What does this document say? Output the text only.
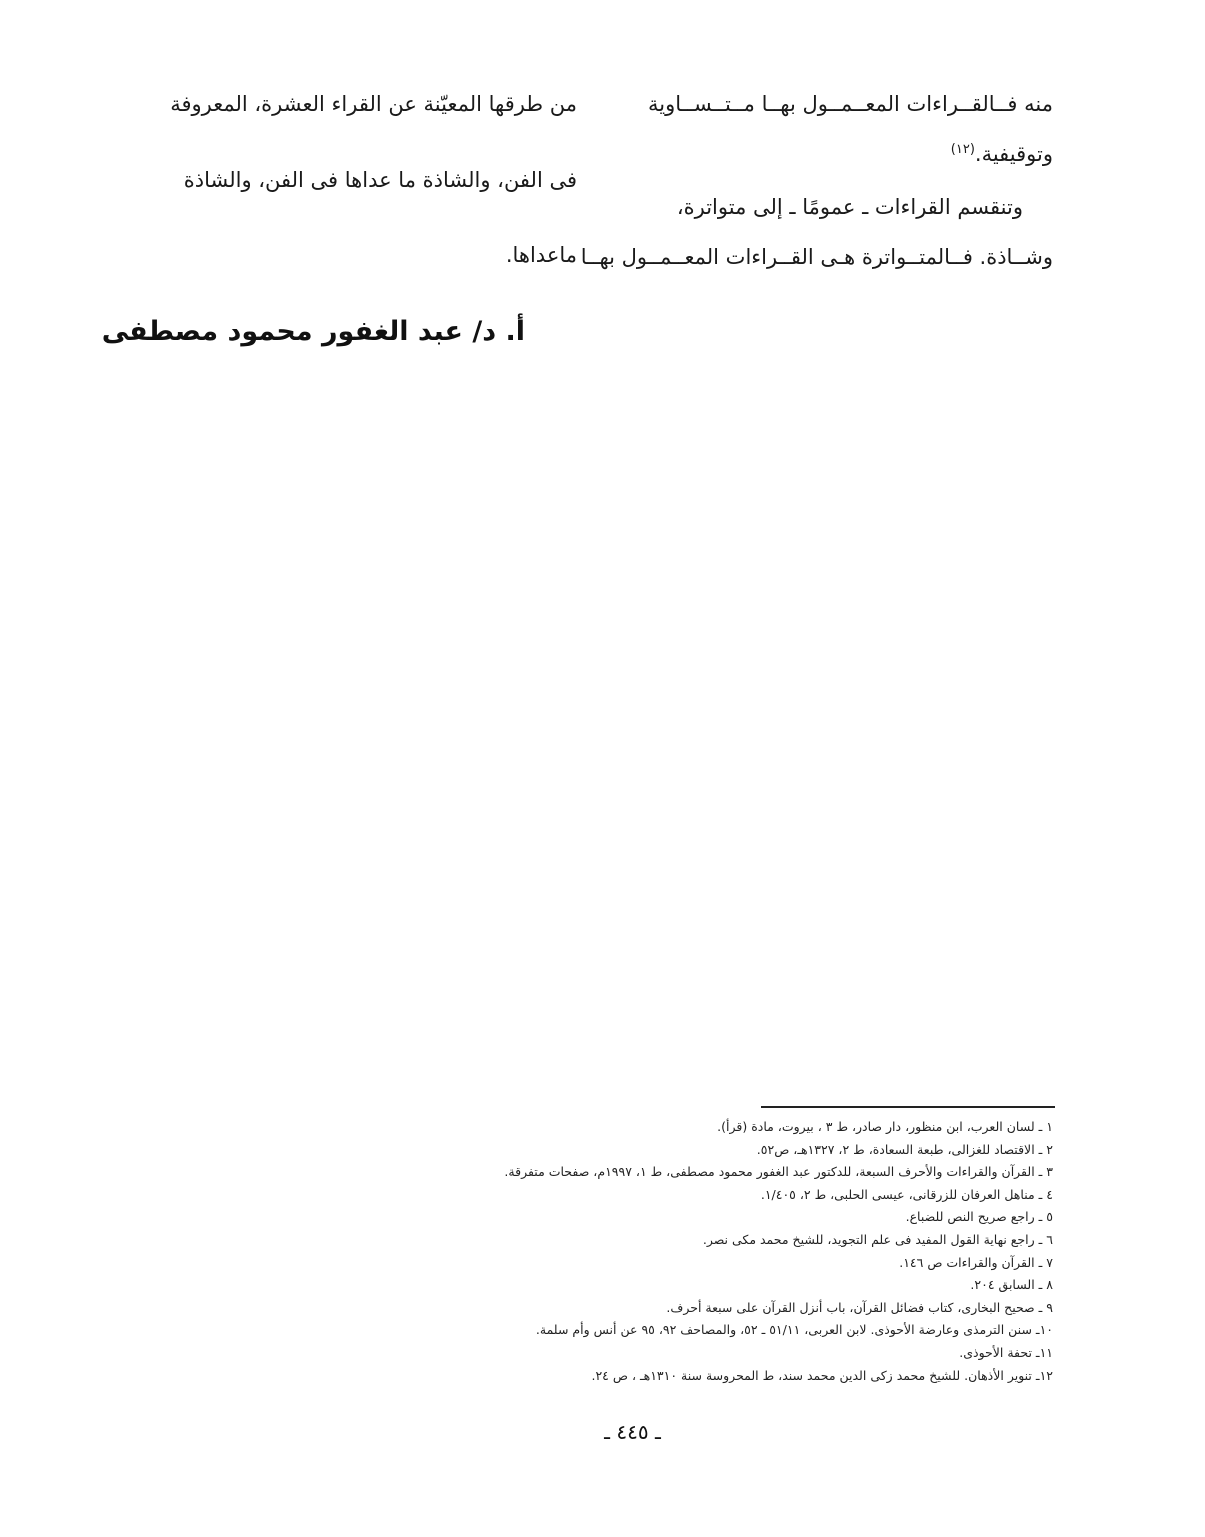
منه فــالقــراءات المعــمــول بهــا مــتــســاوية
وتوقيفية.$^{(١٢)}$
وتنقسم القراءات ـ عمومًا ـ إلى متواترة،
وشــاذة. فــالمتــواترة هـى القــراءات المعــمــول بهــا
من طرقها المعيّنة عن القراء العشرة، المعروفة
فى الفن، والشاذة ما عداها فى الفن، والشاذة
ماعداها.
أ. د/ عبد الغفور محمود مصطفى
١ ـ لسان العرب، ابن منظور، دار صادر، ط ٣ ، بيروت، مادة (قرأ).
٢ ـ الاقتصاد للغزالى، طبعة السعادة، ط ٢، ١٣٢٧هـ، ص٥٢.
٣ ـ القرآن والقراءات والأحرف السبعة، للدكتور عبد الغفور محمود مصطفى، ط ١، ١٩٩٧م، صفحات متفرقة.
٤ ـ مناهل العرفان للزرقانى، عيسى الحلبى، ط ٢، ١/٤٠٥.
٥ ـ راجع صريح النص للضباع.
٦ ـ راجع نهاية القول المفيد فى علم التجويد، للشيخ محمد مكى نصر.
٧ ـ القرآن والقراءات ص ١٤٦.
٨ ـ السابق ٢٠٤.
٩ ـ صحيح البخارى، كتاب فضائل القرآن، باب أنزل القرآن على سبعة أحرف.
١٠ـ سنن الترمذى وعارضة الأحوذى. لابن العربى، ٥١/١١ ـ ٥٢، والمصاحف ٩٢، ٩٥ عن أنس وأم سلمة.
١١ـ تحفة الأحوذى.
١٢ـ تنوير الأذهان. للشيخ محمد زكى الدين محمد سند، ط المحروسة سنة ١٣١٠هـ ، ص ٢٤.
ـ ٤٤٥ ـ
